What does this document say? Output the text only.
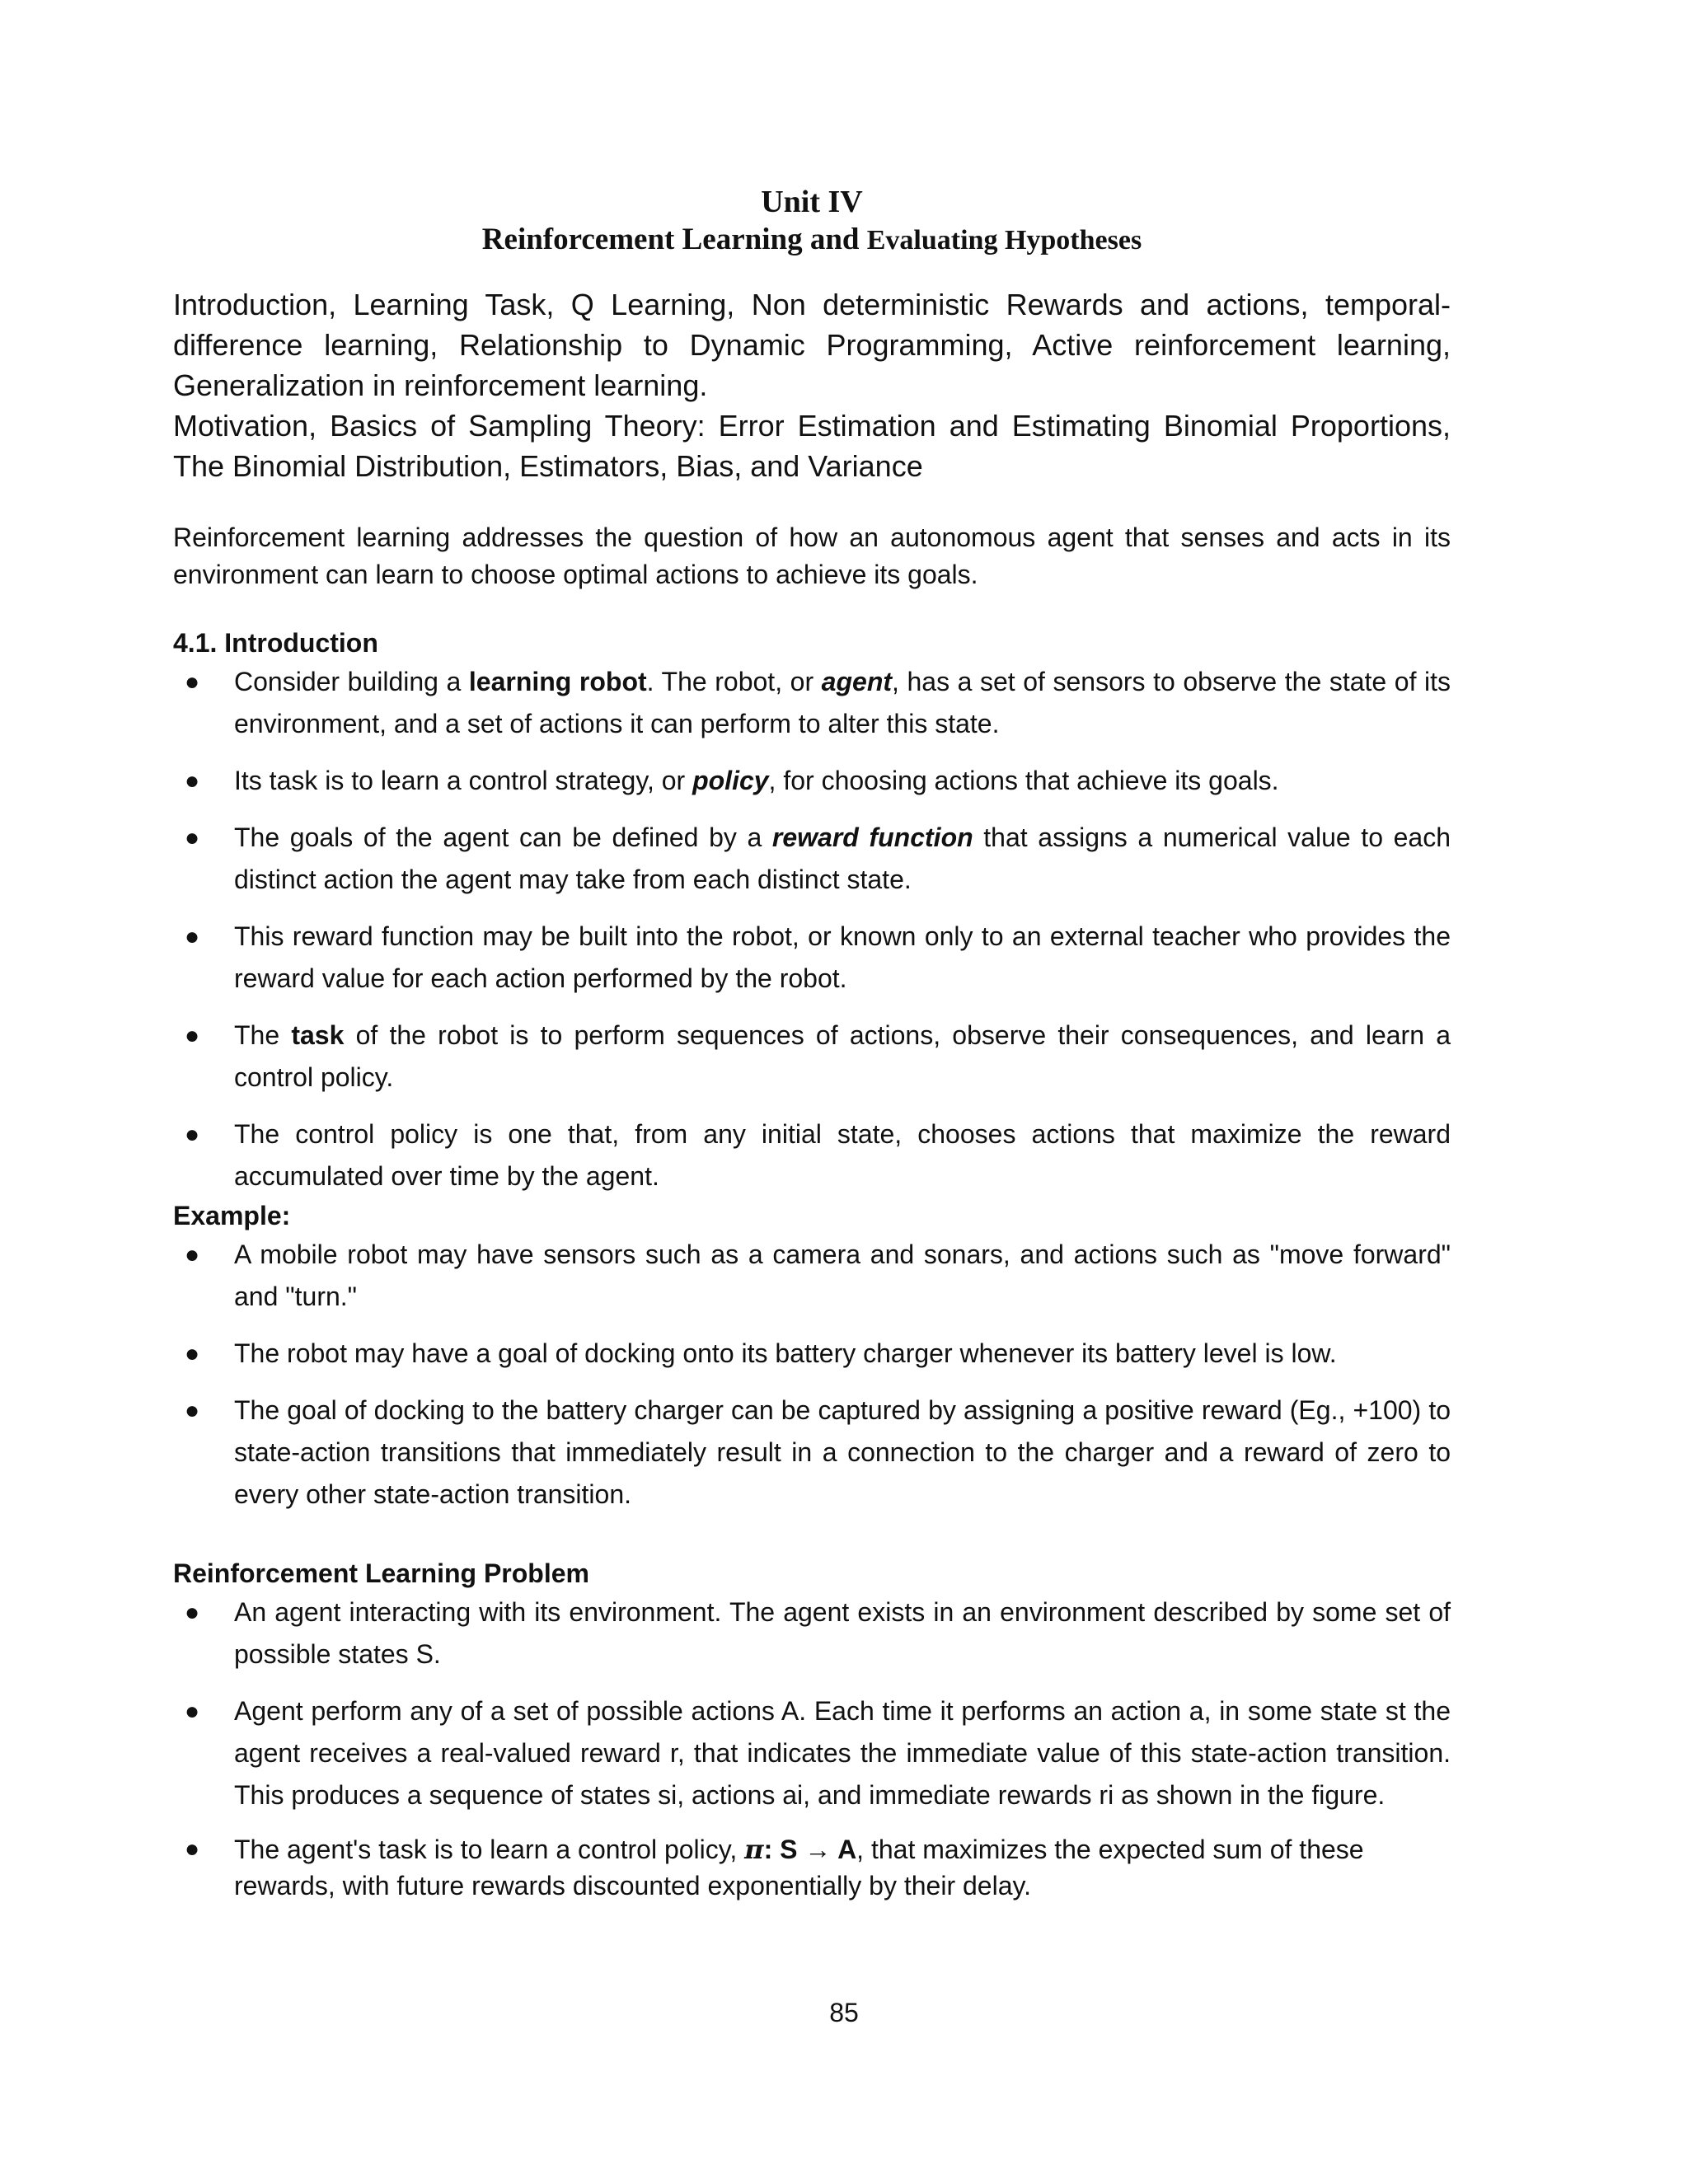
Unit IV
Reinforcement Learning and Evaluating Hypotheses

Introduction, Learning Task, Q Learning, Non deterministic Rewards and actions, temporal-difference learning, Relationship to Dynamic Programming, Active reinforcement learning, Generalization in reinforcement learning.

Motivation, Basics of Sampling Theory: Error Estimation and Estimating Binomial Proportions, The Binomial Distribution, Estimators, Bias, and Variance

Reinforcement learning addresses the question of how an autonomous agent that senses and acts in its environment can learn to choose optimal actions to achieve its goals.

4.1. Introduction
● Consider building a learning robot. The robot, or agent, has a set of sensors to observe the state of its environment, and a set of actions it can perform to alter this state.
● Its task is to learn a control strategy, or policy, for choosing actions that achieve its goals.
● The goals of the agent can be defined by a reward function that assigns a numerical value to each distinct action the agent may take from each distinct state.
● This reward function may be built into the robot, or known only to an external teacher who provides the reward value for each action performed by the robot.
● The task of the robot is to perform sequences of actions, observe their consequences, and learn a control policy.
● The control policy is one that, from any initial state, chooses actions that maximize the reward accumulated over time by the agent.
Example:
● A mobile robot may have sensors such as a camera and sonars, and actions such as "move forward" and "turn."
● The robot may have a goal of docking onto its battery charger whenever its battery level is low.
● The goal of docking to the battery charger can be captured by assigning a positive reward (Eg., +100) to state-action transitions that immediately result in a connection to the charger and a reward of zero to every other state-action transition.
Reinforcement Learning Problem
● An agent interacting with its environment. The agent exists in an environment described by some set of possible states S.
● Agent perform any of a set of possible actions A. Each time it performs an action a, in some state st the agent receives a real-valued reward r, that indicates the immediate value of this state-action transition. This produces a sequence of states si, actions ai, and immediate rewards ri as shown in the figure.
● The agent's task is to learn a control policy, π: S → A, that maximizes the expected sum of these rewards, with future rewards discounted exponentially by their delay.
85
